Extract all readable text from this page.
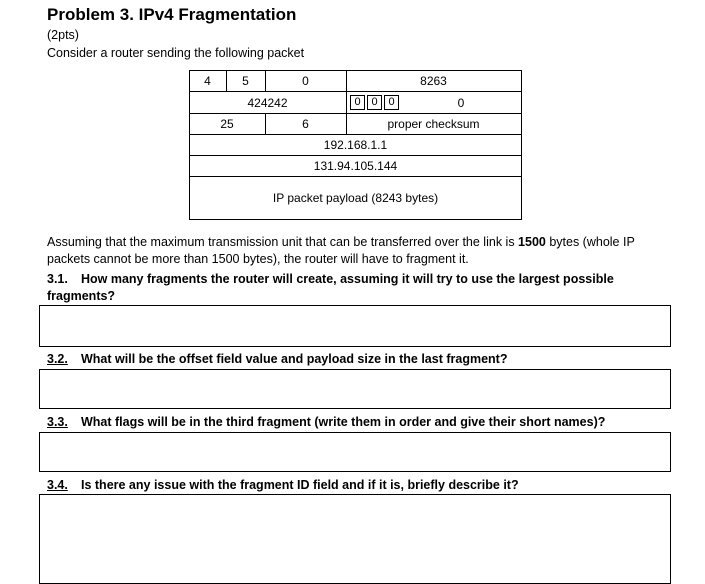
Problem 3. IPv4 Fragmentation
(2pts)
Consider a router sending the following packet
4	5	0	8263
424242	0 0 0	0
25	6	proper checksum
192.168.1.1
131.94.105.144
IP packet payload (8243 bytes)
Assuming that the maximum transmission unit that can be transferred over the link is 1500 bytes (whole IP packets cannot be more than 1500 bytes), the router will have to fragment it.
3.1. How many fragments the router will create, assuming it will try to use the largest possible fragments?
3.2. What will be the offset field value and payload size in the last fragment?
3.3. What flags will be in the third fragment (write them in order and give their short names)?
3.4. Is there any issue with the fragment ID field and if it is, briefly describe it?
